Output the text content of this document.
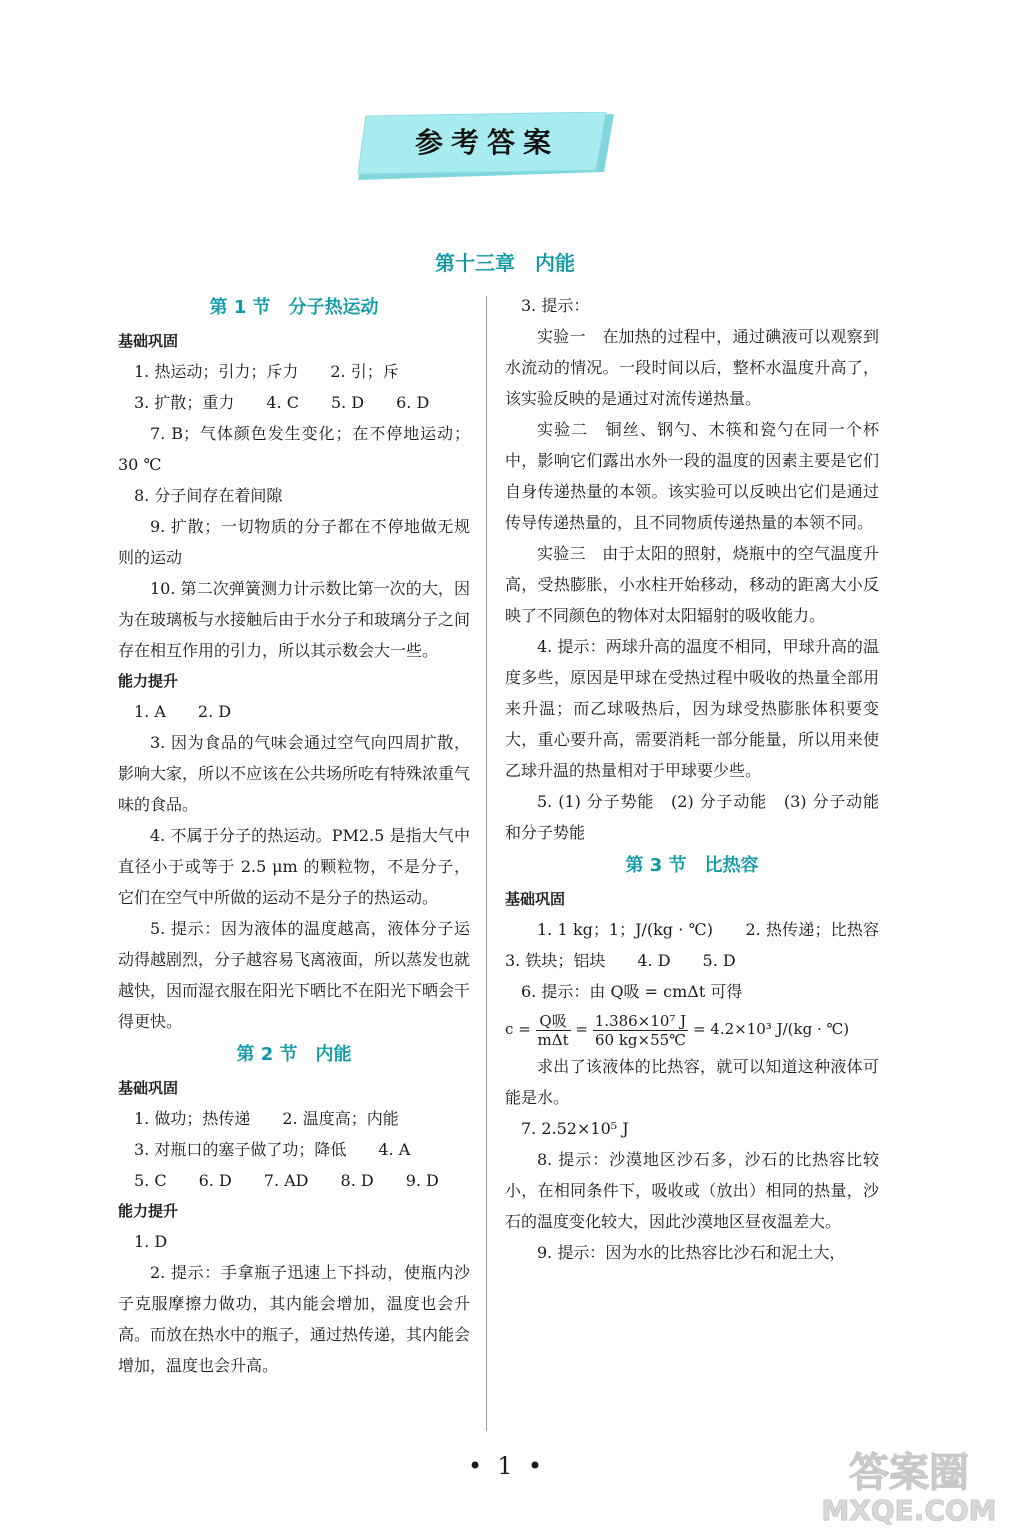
参考答案
第十三章　内能
第 1 节　分子热运动
基础巩固
1. 热运动；引力；斥力　　2. 引；斥
3. 扩散；重力　　4. C　　5. D　　6. D
7. B；气体颜色发生变化；在不停地运动；30 ℃
8. 分子间存在着间隙
9. 扩散；一切物质的分子都在不停地做无规则的运动
10. 第二次弹簧测力计示数比第一次的大，因为在玻璃板与水接触后由于水分子和玻璃分子之间存在相互作用的引力，所以其示数会大一些。
能力提升
1. A　　2. D
3. 因为食品的气味会通过空气向四周扩散，影响大家，所以不应该在公共场所吃有特殊浓重气味的食品。
4. 不属于分子的热运动。PM2.5 是指大气中直径小于或等于 2.5 μm 的颗粒物，不是分子，它们在空气中所做的运动不是分子的热运动。
5. 提示：因为液体的温度越高，液体分子运动得越剧烈，分子越容易飞离液面，所以蒸发也就越快，因而湿衣服在阳光下晒比不在阳光下晒会干得更快。
第 2 节　内能
基础巩固
1. 做功；热传递　　2. 温度高；内能
3. 对瓶口的塞子做了功；降低　　4. A
5. C　　6. D　　7. AD　　8. D　　9. D
能力提升
1. D
2. 提示：手拿瓶子迅速上下抖动，使瓶内沙子克服摩擦力做功，其内能会增加，温度也会升高。而放在热水中的瓶子，通过热传递，其内能会增加，温度也会升高。
3. 提示：
实验一　在加热的过程中，通过碘液可以观察到水流动的情况。一段时间以后，整杯水温度升高了，该实验反映的是通过对流传递热量。
实验二　铜丝、钢勺、木筷和瓷勺在同一个杯中，影响它们露出水外一段的温度的因素主要是它们自身传递热量的本领。该实验可以反映出它们是通过传导传递热量的，且不同物质传递热量的本领不同。
实验三　由于太阳的照射，烧瓶中的空气温度升高，受热膨胀，小水柱开始移动，移动的距离大小反映了不同颜色的物体对太阳辐射的吸收能力。
4. 提示：两球升高的温度不相同，甲球升高的温度多些，原因是甲球在受热过程中吸收的热量全部用来升温；而乙球吸热后，因为球受热膨胀体积要变大，重心要升高，需要消耗一部分能量，所以用来使乙球升温的热量相对于甲球要少些。
5. (1) 分子势能　(2) 分子动能　(3) 分子动能和分子势能
第 3 节　比热容
基础巩固
1. 1 kg；1；J/(kg · ℃)　　2. 热传递；比热容　　3. 铁块；铝块　　4. D　　5. D
6. 提示：由 Q吸 = cmΔt 可得
$c = \frac{\text{Q吸}}{\text{mΔt}} = \frac{\text{1.386×10⁷ J}}{60 kg\times 55℃} = 4.2\times 10^3$ J/(kg · ℃)
求出了该液体的比热容，就可以知道这种液体可能是水。
7. 2.52×10⁵ J
8. 提示：沙漠地区沙石多，沙石的比热容比较小，在相同条件下，吸收或（放出）相同的热量，沙石的温度变化较大，因此沙漠地区昼夜温差大。
9. 提示：因为水的比热容比沙石和泥土大，
•  1  •	答案圈
MXQE.COM
